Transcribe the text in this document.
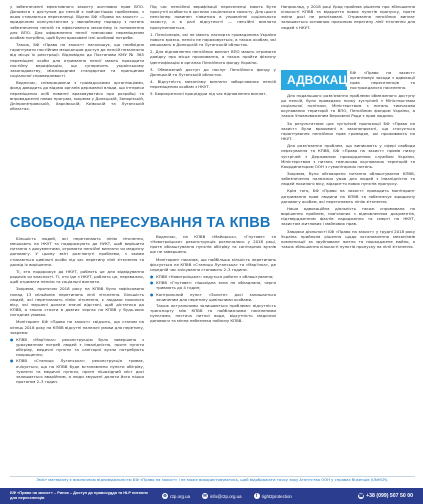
у забезпеченні ефективного захисту житлових прав ВПО. Допомога з доступом до пенсій є найчастішою проблемою, з якою стикаються переселенці. Відтак БФ «Право на захист» — юридичним консультантом у звичайному порядку з питань забезпечення пенсій та ефективного механізму їх поновлення для ВПО. Для оформлення пенсії тимчасово переміщеним особам потрібно, щоб були враховані їхні особливі потреби.

Також, БФ «Право на захист» наголошує, що необхідно гарантувати постійним мешканцям доступ до пенсій незалежно від місця їх реєстрації. Відповідно до Постанови КМУ № 365 переміщені особи для отримання пенсії мають проходити постійну верифікацію, що суперечить українському законодавству, міжнародним стандартам та принципам соціальної справедливості.

Водночас, співпрацюючи з громадськими організаціями, фонд доводить до відома органів державної влади, що інтереси переміщених осіб повинні враховуватися при розробці та впровадженні нових програм, зокрема у Донецькій, Запорізькій, Дніпропетровській, Харківській, Київській та Луганській областях.

СВОБОДА ПЕРЕСУВАННЯ ТА КПВВ

Більшість людей, які перетинають лінію зіткнення, мешкають на НКУТ та подорожують до НУКТ, щоб вирішити питання з документами, отримати пенсійні виплати чи медичну допомогу. У цьому звіті розглянуті проблеми, з якими стикаються цивільні особи під час перетину лінії зіткнення та досвід їх вирішення.

Ті, хто подорожує до НКУТ, роблять це для відвідування родичів чи власності. Ті, хто їде з НКУТ, роблять це, переважно, щоб отримати пенсію та соціальні виплати.

Зокрема, протягом 2018 року на КПВВ було зафіксовано понад 13 мільйонів перетинань лінії зіткнення. Більшість людей, які перетинають лінію зіткнення, є людьми похилого віку, які змушені долати значні відстані, щоб дістатися до КПВВ, а також стояти в довгих чергах на КПВВ у будь-яких погодних умовах.

Моніторинг БФ «Право на захист» свідчить, що станом на кінець 2018 року на КПВВ відсутні належні умови для перетину, зокрема:

● КПВВ «Мар'їнка»: реконструкцію було завершено з урахуванням потреб людей з інвалідністю, проте пункти обігріву, медичні пункти та санітарні вузли потребують покращення;
● КПВВ «Станиця Луганська»: реконструкція триває, очікується, що на КПВВ буде встановлено пункти обігріву, туалети та медичні пункти, проте пішохідний міст досі залишається аварійним, а люди змушені долати його пішки протягом 2–3 годин.

Під час пенсійної верифікації переселенці мають бути присутні особисто в органах соціального захисту. Для цього пенсіонер повинен з'явитися в управлінні соціального захисту, а в разі відсутності — пенсійні виплати призупиняються.

1. Пенсіонерів, які не мають паспорта громадянина України нового зразка, пенсія не нараховується, а також особам, які мешкають в Донецькій та Луганській областях.

2. Для відновлення пенсійних виплат ВПО мають отримати довідку про місце проживання, а також пройти фізичну ідентифікацію в органах Пенсійного фонду України.

3. Обмежений доступ до послуг Пенсійного фонду у Донецькій та Луганській областях.

4. Відсутність механізму виплати заборгованих пенсій переміщеним особам з НКУТ.

5. Бюрократичні процедури під час відновлення виплат.

Водночас, на КПВВ «Майорськ», «Гнутове» та «Новотроїцьке» реконструкція розпочалась у 2018 році, проте облаштування пунктів обігріву та санітарних вузлів ще не завершено.

Моніторинг показав, що найбільша кількість перетинань фіксується на КПВВ «Станиця Луганська» та «Мар'їнка», де середній час очікування становить 2–3 години.

● КПВВ «Новотроїцьке»: ведуться роботи з облаштування;
● КПВВ «Гнутове»: пішохідна зона не обладнана, черги тривають до 4 годин;
● Контрольний пункт «Золоте» досі залишається зачиненим для перетину цивільними особами.

Також актуальними залишаються проблеми: відсутність транспорту між КПВВ та найближчими населеними пунктами, нестача питної води, відсутність медичної допомоги та мінна небезпека поблизу КПВВ.

Наприклад, у 2018 році Уряд прийняв рішення про збільшення кількості КПВВ та відкриття нових пунктів пропуску, проте зміни досі не реалізовані. Отримання пенсійних виплат залишається основною причиною перетину лінії зіткнення для людей з НКУТ.

АДВОКАЦІЯ

БФ «Право на захист» організовує заходи з адвокації прав переселенців та постраждалого населення.

Для подальшого розв'язання проблеми обмеженого доступу до пенсій, було проведено низку зустрічей з Міністерством соціальної політики, Міністерством з питань тимчасово окупованих територій та ВПО, Пенсійним фондом України, а також Уповноваженим Верховної Ради з прав людини.

За результатами цих зустрічей пропозиції БФ «Право на захист» були враховані в законопроєкті, що стосується гарантування пенсійних прав громадян, які проживають на НКУТ.

Для розв'язання проблем, що виникають у сфері свободи пересування та КПВВ, БФ «Право на захист» провів низку зустрічей з Державною прикордонною службою України, Міністерством з питань тимчасово окупованих територій та Координатором ООН з гуманітарних питань.

Зокрема, було обговорено питання облаштування КПВВ, забезпечення належних умов для людей з інвалідністю та людей похилого віку, відкриття нових пунктів пропуску.

Крім того, БФ «Право на захист» проводить моніторинг дотримання прав людини на КПВВ та забезпечує юридичну допомогу особам, які перетинають лінію зіткнення.

Наша адвокаційна діяльність також спрямована на вирішення проблем, пов'язаних з відновленням документів, підтвердженням фактів народження та смерті на НКУТ, захистом житлових і майнових прав.

Завдяки діяльності БФ «Право на захист» у грудні 2018 року Україна прийняла рішення щодо встановлення механізмів компенсації за зруйноване житло та пошкоджене майно, а також збільшення кількості пунктів пропуску на лінії зіткнення.

Зміст матеріалу є виключною відповідальністю БФ «Право на захист» і не може використовуватись, щоб відображати точку зору Агентства ООН у справах біженців (UNHCR).
БФ «Право на захист» – Ринок – Доступ до правосуддя та HLP питання для переселенців	⊕ r2p.org.ua	✉ info@r2p.org.ua	f right2protection	☎ +38 (099) 507 50 00
